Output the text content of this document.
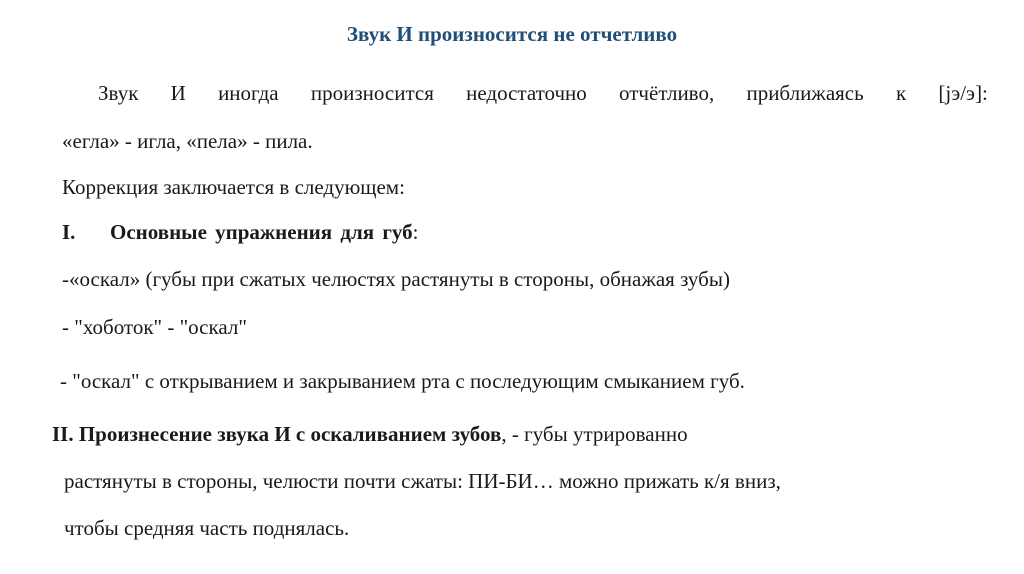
Звук И произносится не отчетливо
Звук И иногда произносится недостаточно отчётливо, приближаясь к [jэ/э]:
«егла» - игла, «пела» - пила.
Коррекция заключается в следующем:
I. Основные упражнения для губ:
-«оскал» (губы при сжатых челюстях растянуты в стороны, обнажая зубы)
- "хоботок" - "оскал"
- "оскал" с открыванием и закрыванием рта с последующим смыканием губ.
II. Произнесение звука И с оскаливанием зубов, - губы утрированно
растянуты в стороны, челюсти почти сжаты: ПИ-БИ… можно прижать к/я вниз,
чтобы средняя часть поднялась.
